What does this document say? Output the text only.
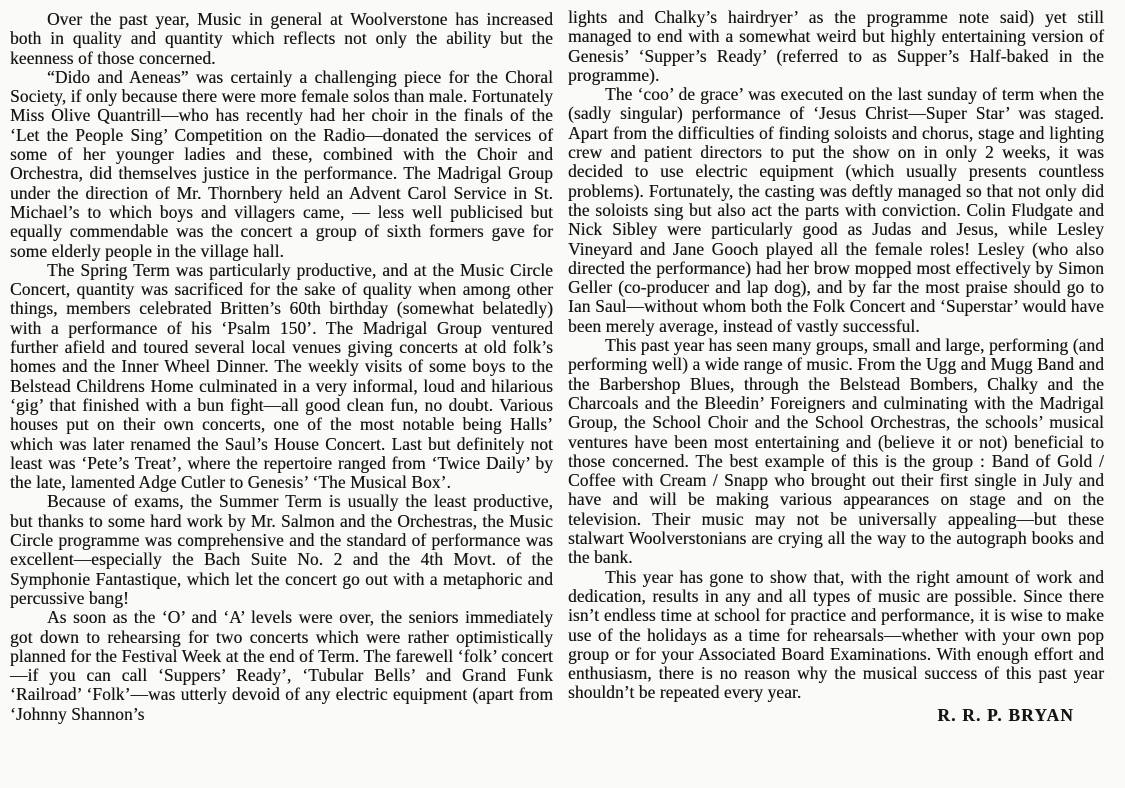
Over the past year, Music in general at Woolverstone has increased both in quality and quantity which reflects not only the ability but the keenness of those concerned.

“Dido and Aeneas” was certainly a challenging piece for the Choral Society, if only because there were more female solos than male. Fortunately Miss Olive Quantrill—who has recently had her choir in the finals of the ‘Let the People Sing’ Competition on the Radio—donated the services of some of her younger ladies and these, combined with the Choir and Orchestra, did themselves justice in the performance. The Madrigal Group under the direction of Mr. Thornbery held an Advent Carol Service in St. Michael’s to which boys and villagers came, — less well publicised but equally commendable was the concert a group of sixth formers gave for some elderly people in the village hall.

The Spring Term was particularly productive, and at the Music Circle Concert, quantity was sacrificed for the sake of quality when among other things, members celebrated Britten’s 60th birthday (somewhat belatedly) with a performance of his ‘Psalm 150’. The Madrigal Group ventured further afield and toured several local venues giving concerts at old folk’s homes and the Inner Wheel Dinner. The weekly visits of some boys to the Belstead Childrens Home culminated in a very informal, loud and hilarious ‘gig’ that finished with a bun fight—all good clean fun, no doubt. Various houses put on their own concerts, one of the most notable being Halls’ which was later renamed the Saul’s House Concert. Last but definitely not least was ‘Pete’s Treat’, where the repertoire ranged from ‘Twice Daily’ by the late, lamented Adge Cutler to Genesis’ ‘The Musical Box’.

Because of exams, the Summer Term is usually the least productive, but thanks to some hard work by Mr. Salmon and the Orchestras, the Music Circle programme was comprehensive and the standard of performance was excellent—especially the Bach Suite No. 2 and the 4th Movt. of the Symphonie Fantastique, which let the concert go out with a metaphoric and percussive bang!

As soon as the ‘O’ and ‘A’ levels were over, the seniors immediately got down to rehearsing for two concerts which were rather optimistically planned for the Festival Week at the end of Term. The farewell ‘folk’ concert—if you can call ‘Suppers’ Ready’, ‘Tubular Bells’ and Grand Funk ‘Railroad’ ‘Folk’—was utterly devoid of any electric equipment (apart from ‘Johnny Shannon’s

lights and Chalky’s hairdryer’ as the programme note said) yet still managed to end with a somewhat weird but highly entertaining version of Genesis’ ‘Supper’s Ready’ (referred to as Supper’s Half-baked in the programme).

The ‘coo’ de grace’ was executed on the last sunday of term when the (sadly singular) performance of ‘Jesus Christ—Super Star’ was staged. Apart from the difficulties of finding soloists and chorus, stage and lighting crew and patient directors to put the show on in only 2 weeks, it was decided to use electric equipment (which usually presents countless problems). Fortunately, the casting was deftly managed so that not only did the soloists sing but also act the parts with conviction. Colin Fludgate and Nick Sibley were particularly good as Judas and Jesus, while Lesley Vineyard and Jane Gooch played all the female roles! Lesley (who also directed the performance) had her brow mopped most effectively by Simon Geller (co-producer and lap dog), and by far the most praise should go to Ian Saul—without whom both the Folk Concert and ‘Superstar’ would have been merely average, instead of vastly successful.

This past year has seen many groups, small and large, performing (and performing well) a wide range of music. From the Ugg and Mugg Band and the Barbershop Blues, through the Belstead Bombers, Chalky and the Charcoals and the Bleedin’ Foreigners and culminating with the Madrigal Group, the School Choir and the School Orchestras, the schools’ musical ventures have been most entertaining and (believe it or not) beneficial to those concerned. The best example of this is the group : Band of Gold / Coffee with Cream / Snapp who brought out their first single in July and have and will be making various appearances on stage and on the television. Their music may not be universally appealing—but these stalwart Woolverstonians are crying all the way to the autograph books and the bank.

This year has gone to show that, with the right amount of work and dedication, results in any and all types of music are possible. Since there isn’t endless time at school for practice and performance, it is wise to make use of the holidays as a time for rehearsals—whether with your own pop group or for your Associated Board Examinations. With enough effort and enthusiasm, there is no reason why the musical success of this past year shouldn’t be repeated every year.

R. R. P. BRYAN
